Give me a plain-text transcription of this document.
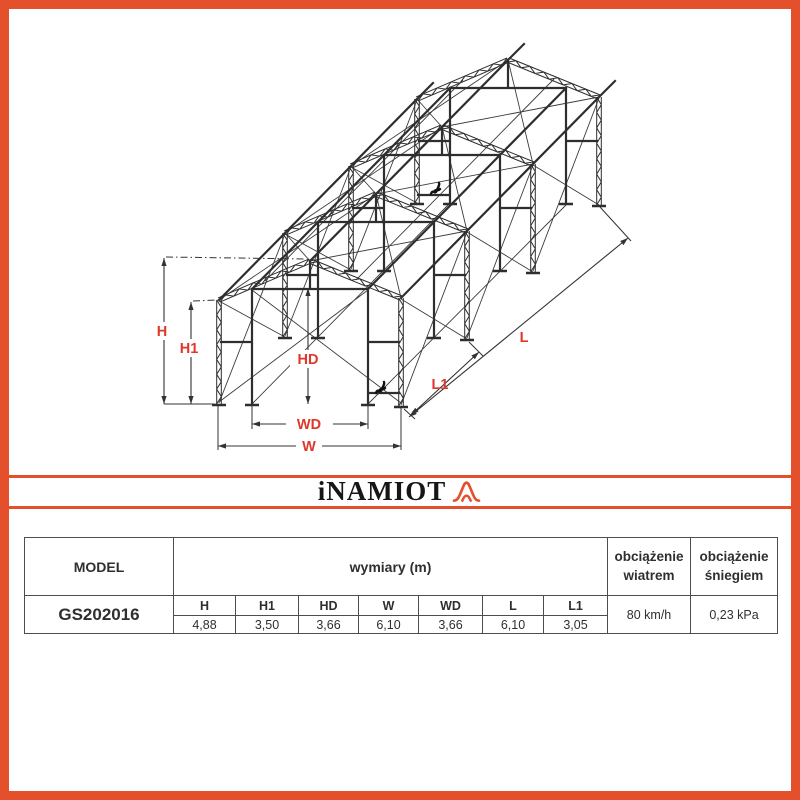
H
H1
HD
WD
W
L1
L
iNAMIOT
MODEL	wymiary (m)							obciążenie wiatrem	obciążenie śniegiem
GS202016	H	H1	HD	W	WD	L	L1	80 km/h	0,23 kPa
	4,88	3,50	3,66	6,10	3,66	6,10	3,05		
